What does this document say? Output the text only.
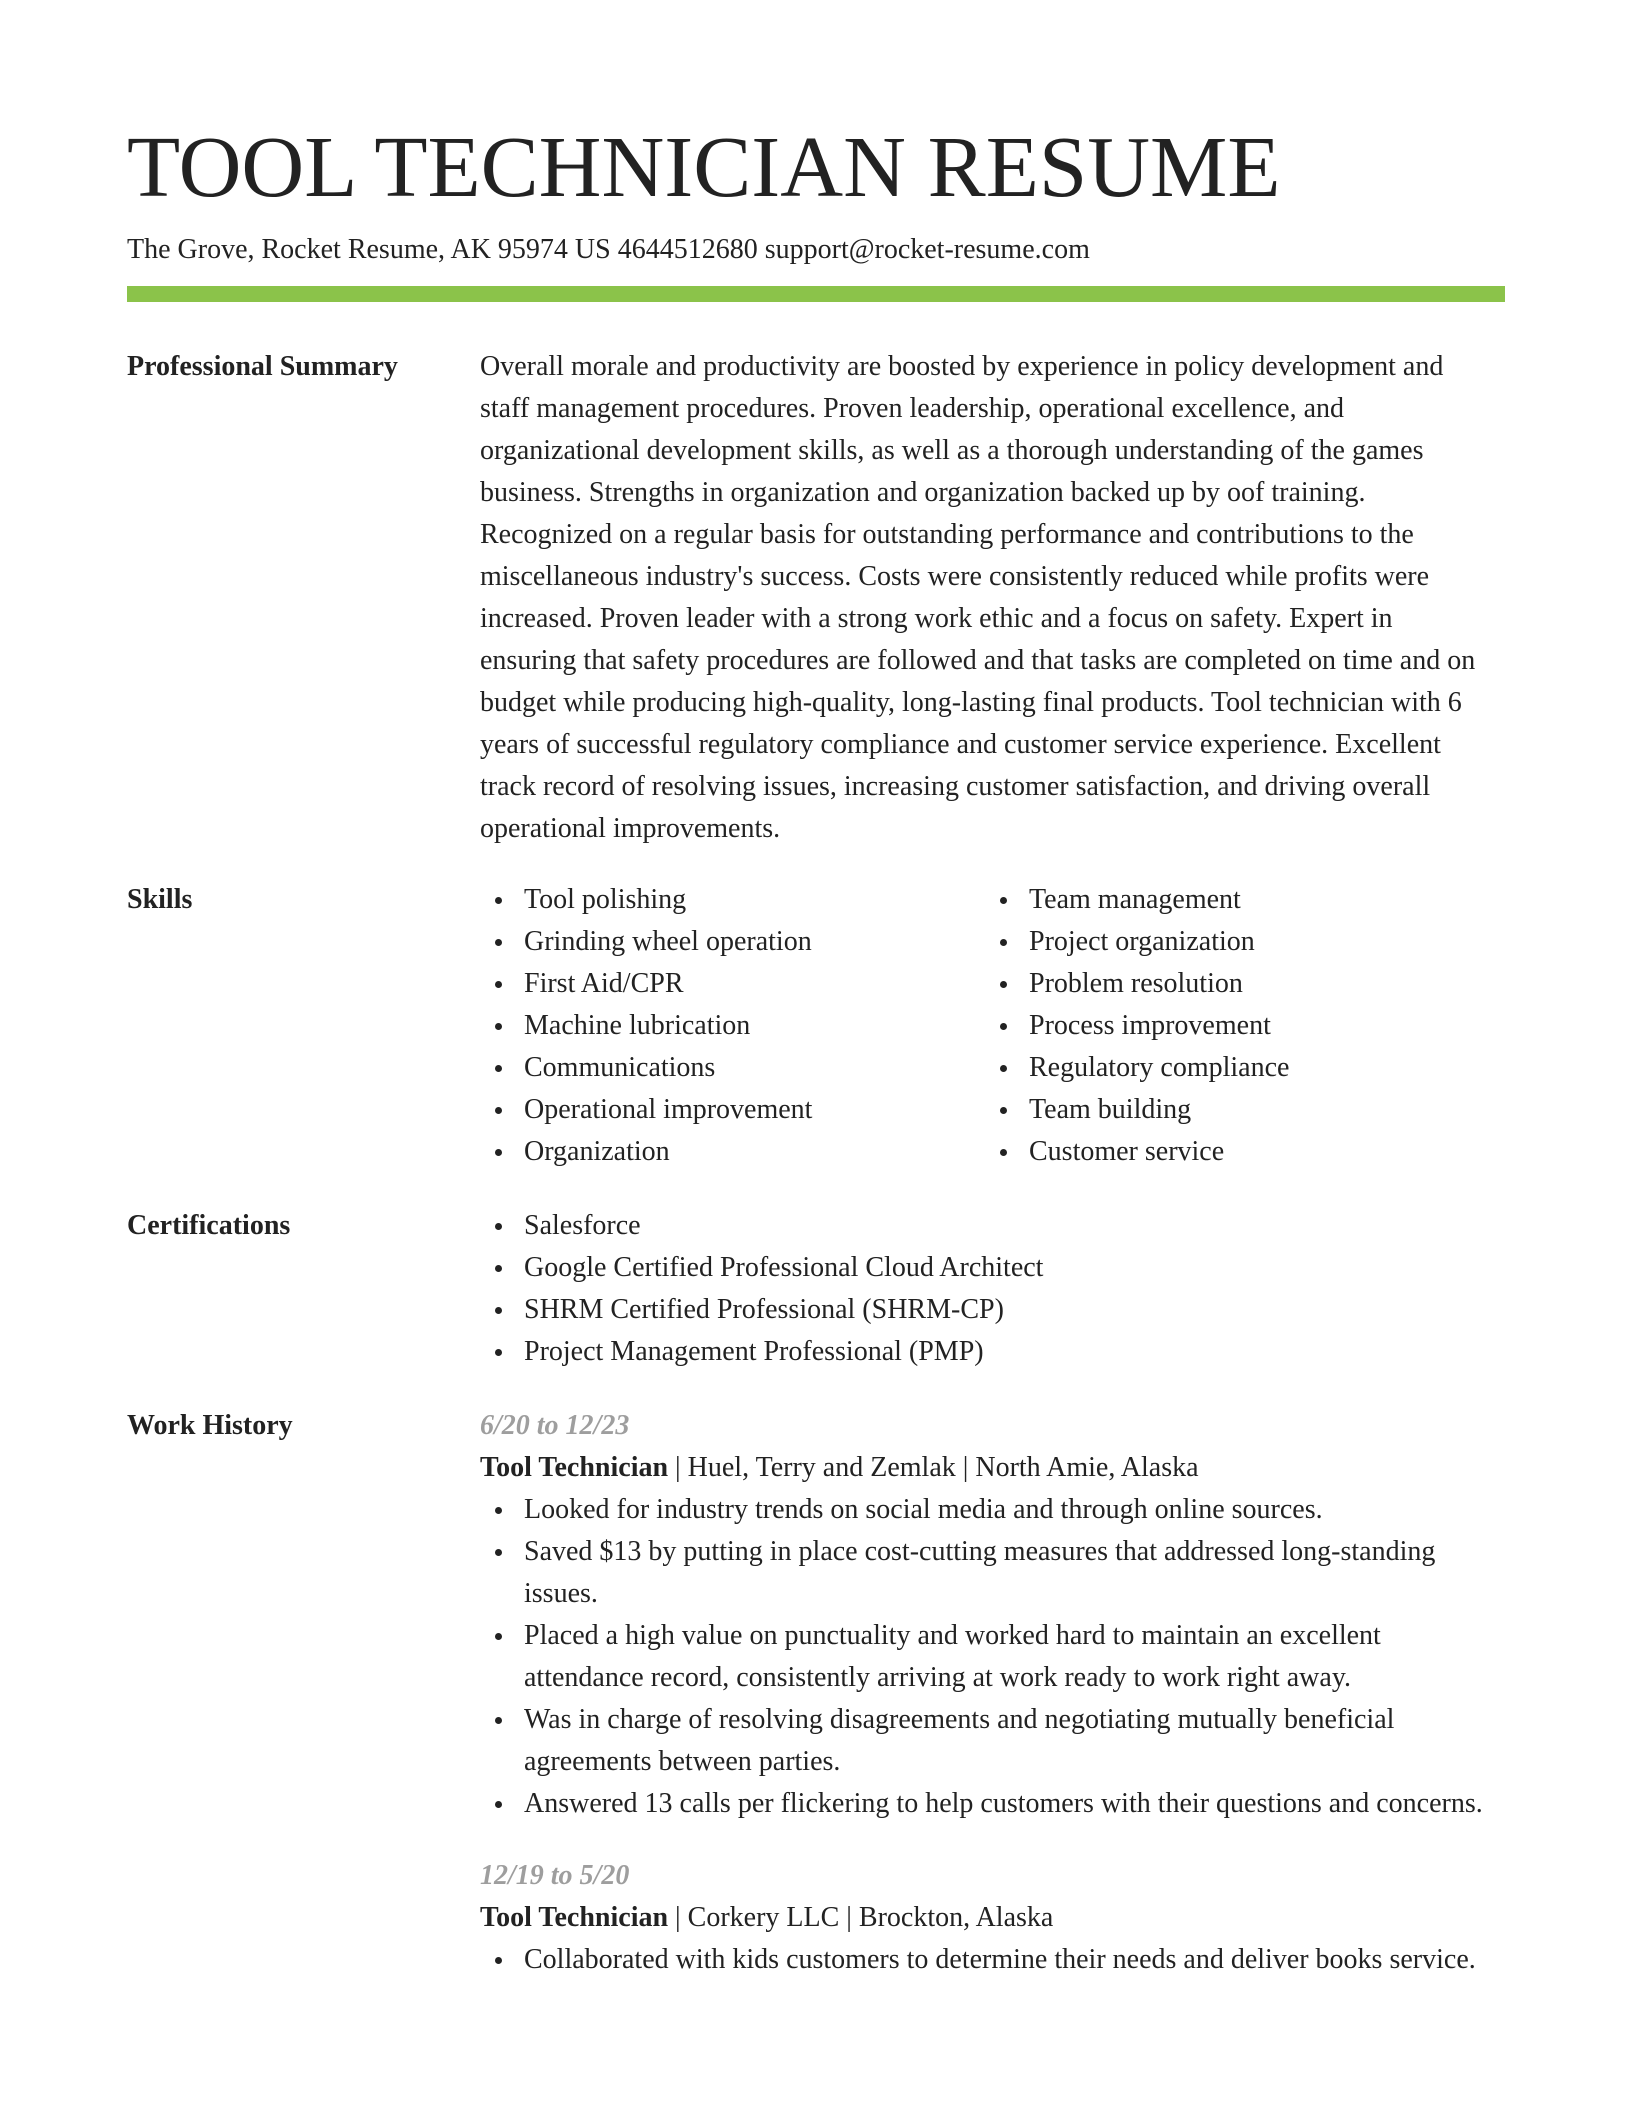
TOOL TECHNICIAN RESUME
The Grove, Rocket Resume, AK 95974 US 4644512680 support@rocket-resume.com
Professional Summary	Overall morale and productivity are boosted by experience in policy development and staff management procedures. Proven leadership, operational excellence, and organizational development skills, as well as a thorough understanding of the games business. Strengths in organization and organization backed up by oof training. Recognized on a regular basis for outstanding performance and contributions to the miscellaneous industry's success. Costs were consistently reduced while profits were increased. Proven leader with a strong work ethic and a focus on safety. Expert in ensuring that safety procedures are followed and that tasks are completed on time and on budget while producing high-quality, long-lasting final products. Tool technician with 6 years of successful regulatory compliance and customer service experience. Excellent track record of resolving issues, increasing customer satisfaction, and driving overall operational improvements.

Skills	Tool polishing
Grinding wheel operation
First Aid/CPR
Machine lubrication
Communications
Operational improvement
Organization
Team management
Project organization
Problem resolution
Process improvement
Regulatory compliance
Team building
Customer service
Certifications	Salesforce
Google Certified Professional Cloud Architect
SHRM Certified Professional (SHRM-CP)
Project Management Professional (PMP)
Work History	6/20 to 12/23
Tool Technician | Huel, Terry and Zemlak | North Amie, Alaska
Looked for industry trends on social media and through online sources.
Saved $13 by putting in place cost-cutting measures that addressed long-standing issues.
Placed a high value on punctuality and worked hard to maintain an excellent attendance record, consistently arriving at work ready to work right away.
Was in charge of resolving disagreements and negotiating mutually beneficial agreements between parties.
Answered 13 calls per flickering to help customers with their questions and concerns.
12/19 to 5/20
Tool Technician | Corkery LLC | Brockton, Alaska
Collaborated with kids customers to determine their needs and deliver books service.
